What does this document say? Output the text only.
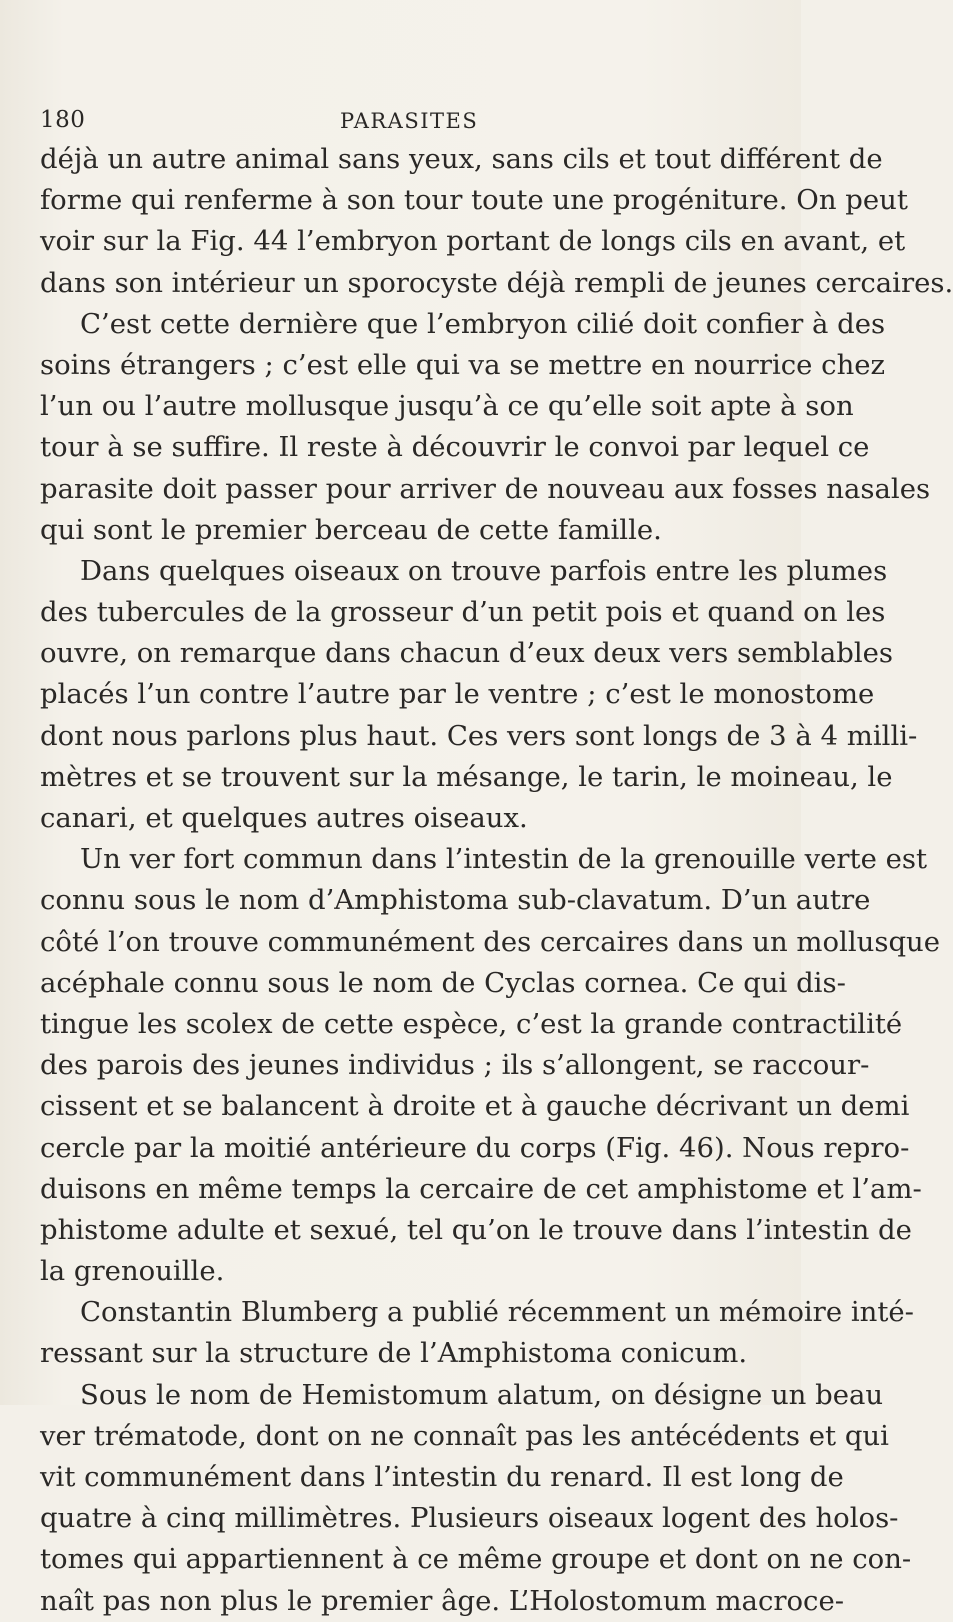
180	PARASITES
déjà un autre animal sans yeux, sans cils et tout différent de
forme qui renferme à son tour toute une progéniture. On peut
voir sur la Fig. 44 l’embryon portant de longs cils en avant, et
dans son intérieur un sporocyste déjà rempli de jeunes cercaires.
C’est cette dernière que l’embryon cilié doit confier à des
soins étrangers ; c’est elle qui va se mettre en nourrice chez
l’un ou l’autre mollusque jusqu’à ce qu’elle soit apte à son
tour à se suffire. Il reste à découvrir le convoi par lequel ce
parasite doit passer pour arriver de nouveau aux fosses nasales
qui sont le premier berceau de cette famille.
Dans quelques oiseaux on trouve parfois entre les plumes
des tubercules de la grosseur d’un petit pois et quand on les
ouvre, on remarque dans chacun d’eux deux vers semblables
placés l’un contre l’autre par le ventre ; c’est le monostome
dont nous parlons plus haut. Ces vers sont longs de 3 à 4 milli-
mètres et se trouvent sur la mésange, le tarin, le moineau, le
canari, et quelques autres oiseaux.
Un ver fort commun dans l’intestin de la grenouille verte est
connu sous le nom d’Amphistoma sub-clavatum. D’un autre
côté l’on trouve communément des cercaires dans un mollusque
acéphale connu sous le nom de Cyclas cornea. Ce qui dis-
tingue les scolex de cette espèce, c’est la grande contractilité
des parois des jeunes individus ; ils s’allongent, se raccour-
cissent et se balancent à droite et à gauche décrivant un demi
cercle par la moitié antérieure du corps (Fig. 46). Nous repro-
duisons en même temps la cercaire de cet amphistome et l’am-
phistome adulte et sexué, tel qu’on le trouve dans l’intestin de
la grenouille.
Constantin Blumberg a publié récemment un mémoire inté-
ressant sur la structure de l’Amphistoma conicum.
Sous le nom de Hemistomum alatum, on désigne un beau
ver trématode, dont on ne connaît pas les antécédents et qui
vit communément dans l’intestin du renard. Il est long de
quatre à cinq millimètres. Plusieurs oiseaux logent des holos-
tomes qui appartiennent à ce même groupe et dont on ne con-
naît pas non plus le premier âge. L’Holostomum macroce-
